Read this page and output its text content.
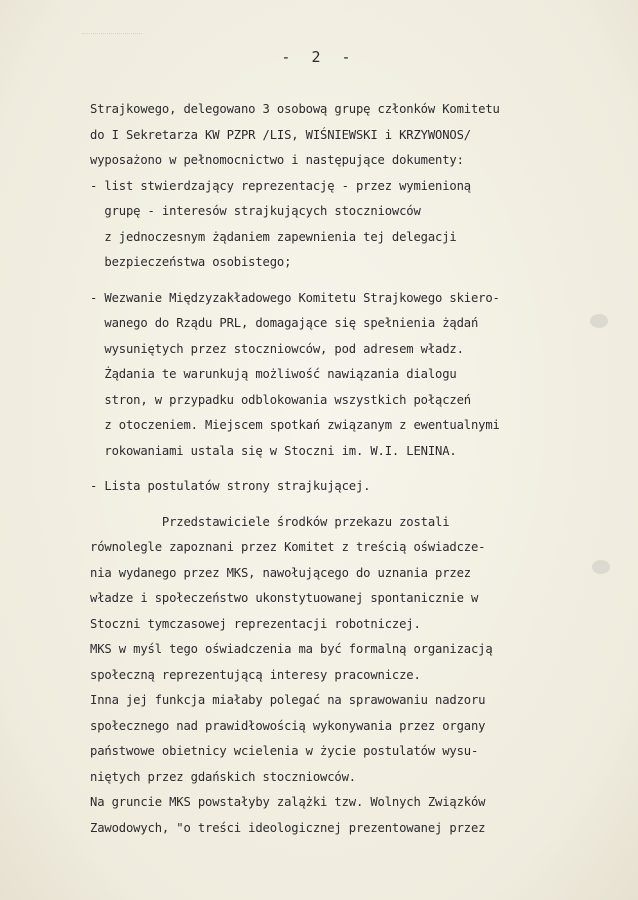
- 2 -
Strajkowego, delegowano 3 osobową grupę członków Komitetu
do I Sekretarza KW PZPR /LIS, WIŚNIEWSKI i KRZYWONOS/
wyposażono w pełnomocnictwo i następujące dokumenty:
- list stwierdzający reprezentację - przez wymienioną
grupę - interesów strajkujących stoczniowców
z jednoczesnym żądaniem zapewnienia tej delegacji
bezpieczeństwa osobistego;
- Wezwanie Międzyzakładowego Komitetu Strajkowego skiero-
wanego do Rządu PRL, domagające się spełnienia żądań
wysuniętych przez stoczniowców, pod adresem władz.
Żądania te warunkują możliwość nawiązania dialogu
stron, w przypadku odblokowania wszystkich połączeń
z otoczeniem. Miejscem spotkań związanym z ewentualnymi
rokowaniami ustala się w Stoczni im. W.I. LENINA.
- Lista postulatów strony strajkującej.
Przedstawiciele środków przekazu zostali
równolegle zapoznani przez Komitet z treścią oświadcze-
nia wydanego przez MKS, nawołującego do uznania przez
władze i społeczeństwo ukonstytuowanej spontanicznie w
Stoczni tymczasowej reprezentacji robotniczej.
MKS w myśl tego oświadczenia ma być formalną organizacją
społeczną reprezentującą interesy pracownicze.
Inna jej funkcja miałaby polegać na sprawowaniu nadzoru
społecznego nad prawidłowością wykonywania przez organy
państwowe obietnicy wcielenia w życie postulatów wysu-
niętych przez gdańskich stoczniowców.
Na gruncie MKS powstałyby zalążki tzw. Wolnych Związków
Zawodowych, "o treści ideologicznej prezentowanej przez
